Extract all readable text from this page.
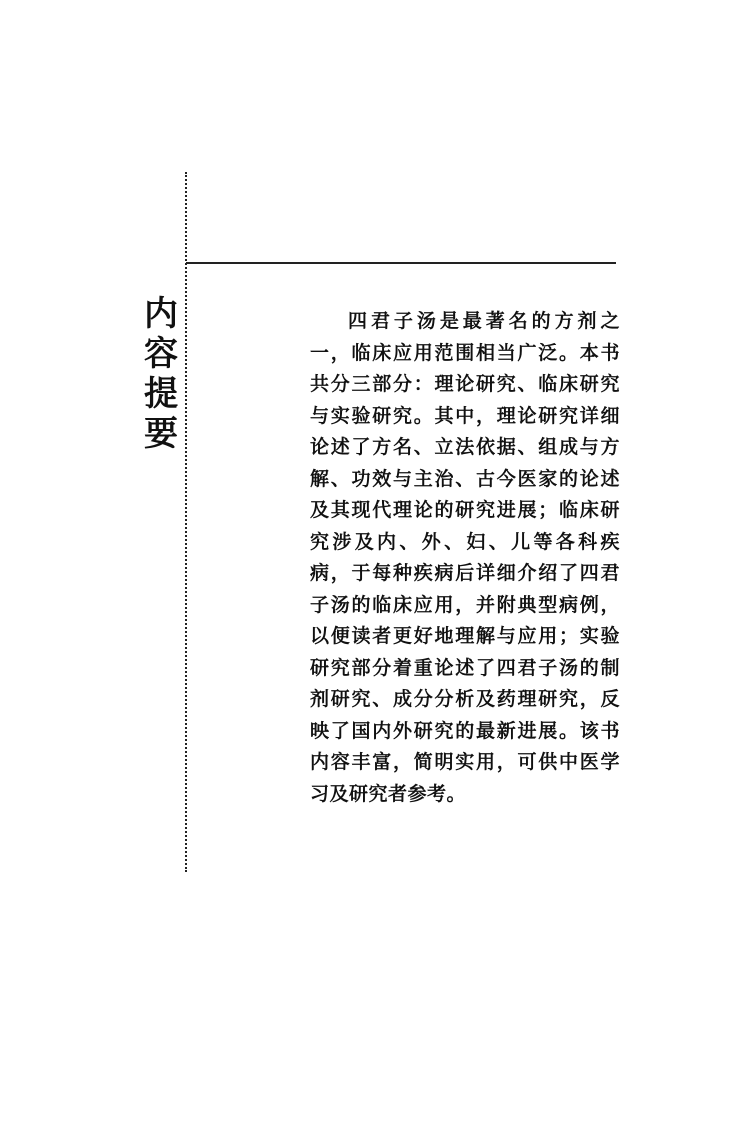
内
容
提
要

四君子汤是最著名的方剂之一，临床应用范围相当广泛。本书共分三部分：理论研究、临床研究与实验研究。其中，理论研究详细论述了方名、立法依据、组成与方解、功效与主治、古今医家的论述及其现代理论的研究进展；临床研究涉及内、外、妇、儿等各科疾病，于每种疾病后详细介绍了四君子汤的临床应用，并附典型病例，以便读者更好地理解与应用；实验研究部分着重论述了四君子汤的制剂研究、成分分析及药理研究，反映了国内外研究的最新进展。该书内容丰富，简明实用，可供中医学习及研究者参考。
